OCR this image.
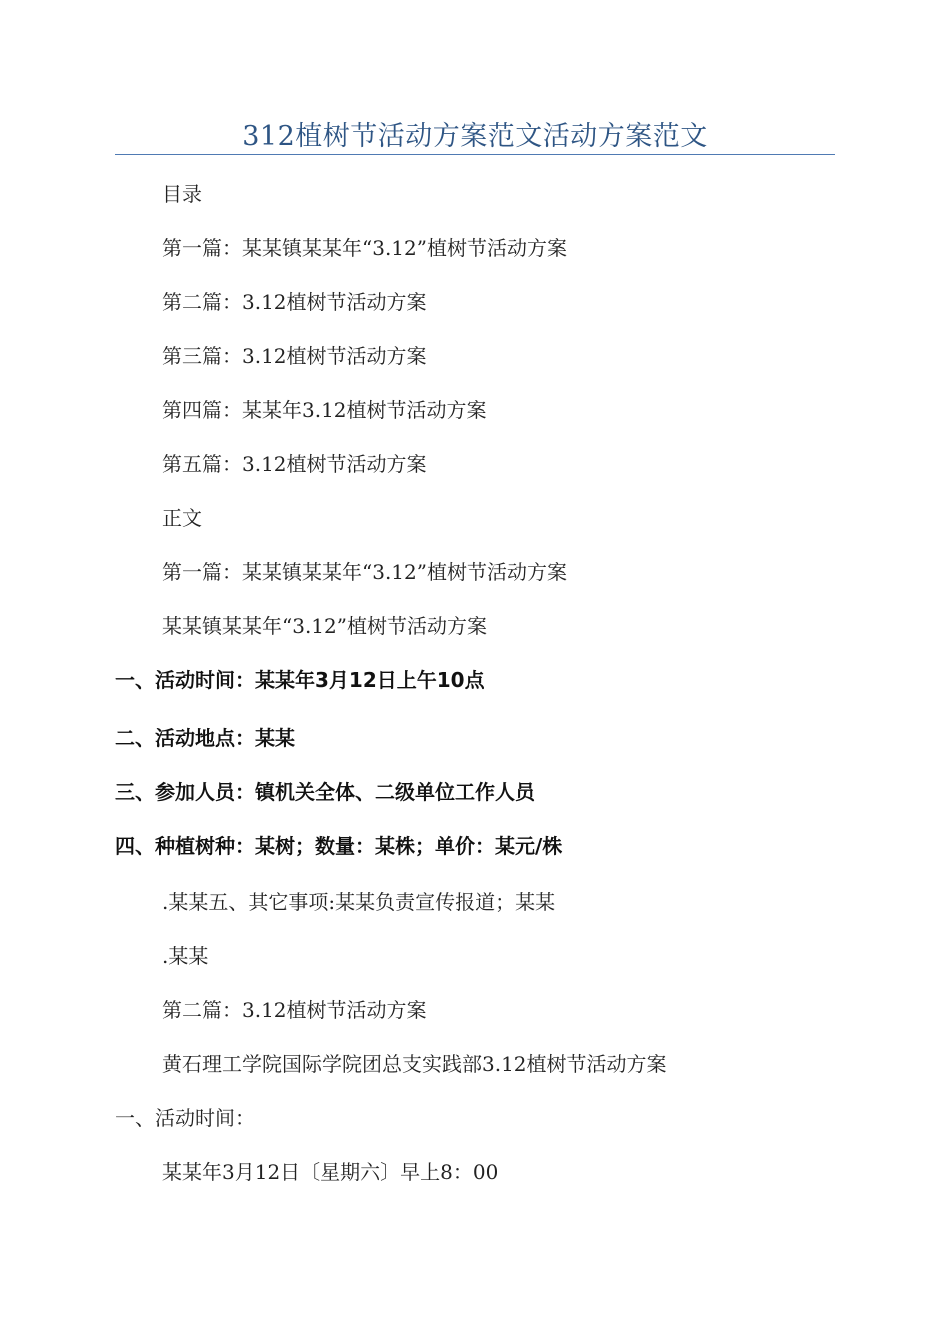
312植树节活动方案范文活动方案范文
目录
第一篇：某某镇某某年“3.12”植树节活动方案
第二篇：3.12植树节活动方案
第三篇：3.12植树节活动方案
第四篇：某某年3.12植树节活动方案
第五篇：3.12植树节活动方案
正文
第一篇：某某镇某某年“3.12”植树节活动方案
某某镇某某年“3.12”植树节活动方案
一、活动时间：某某年3月12日上午10点
二、活动地点：某某
三、参加人员：镇机关全体、二级单位工作人员
四、种植树种：某树；数量：某株；单价：某元/株
.某某五、其它事项:某某负责宣传报道；某某
.某某
第二篇：3.12植树节活动方案
黄石理工学院国际学院团总支实践部3.12植树节活动方案
一、活动时间：
某某年3月12日〔星期六〕早上8：00
